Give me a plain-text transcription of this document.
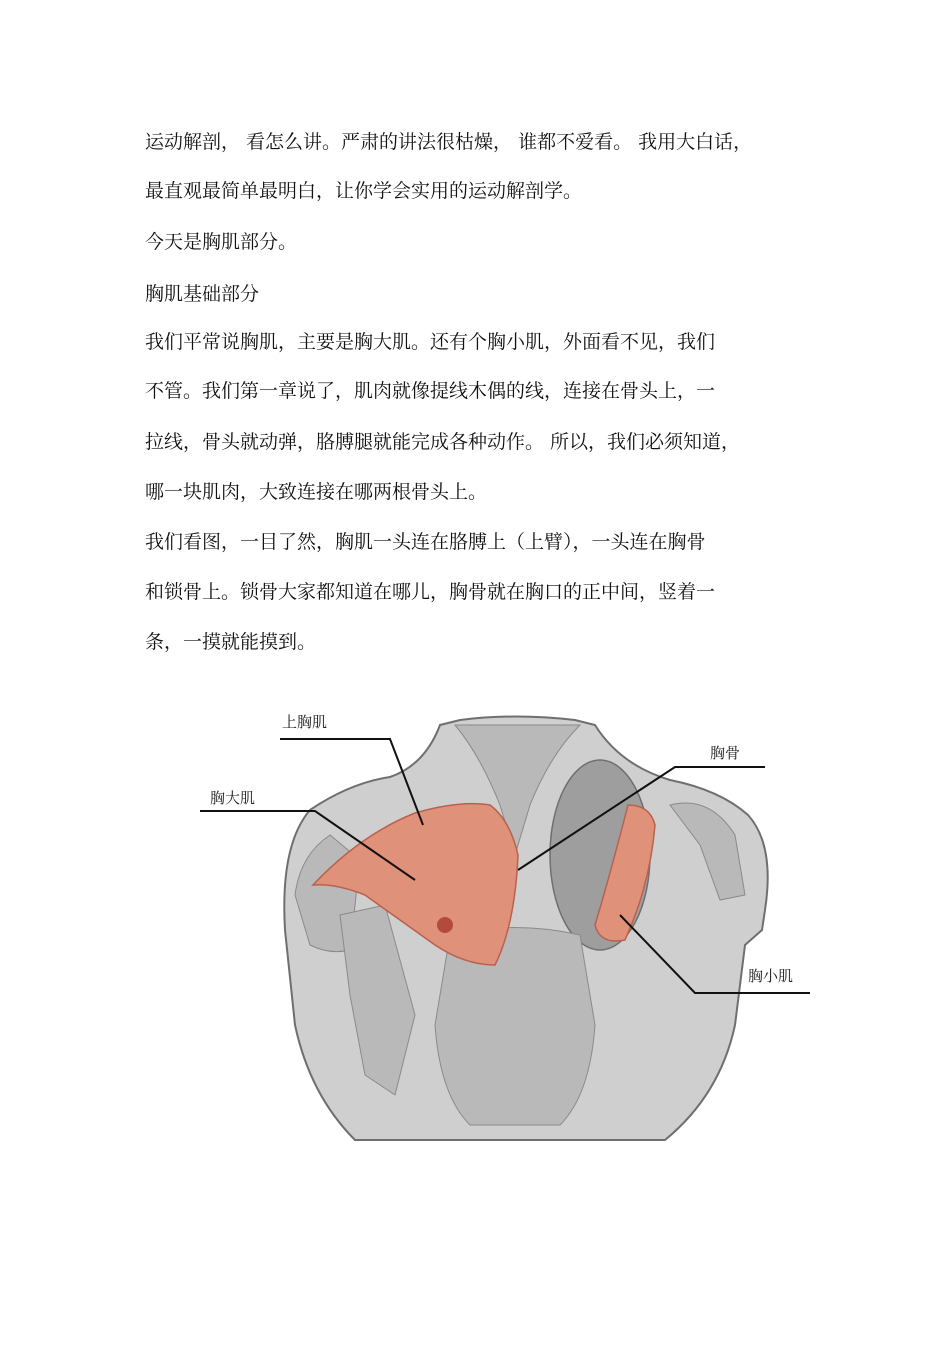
运动解剖， 看怎么讲。严肃的讲法很枯燥， 谁都不爱看。 我用大白话，

最直观最简单最明白，让你学会实用的运动解剖学。

今天是胸肌部分。

胸肌基础部分

我们平常说胸肌，主要是胸大肌。还有个胸小肌，外面看不见，我们

不管。我们第一章说了，肌肉就像提线木偶的线，连接在骨头上，一

拉线，骨头就动弹，胳膊腿就能完成各种动作。 所以，我们必须知道，

哪一块肌肉，大致连接在哪两根骨头上。

我们看图，一目了然，胸肌一头连在胳膊上（上臂），一头连在胸骨

和锁骨上。锁骨大家都知道在哪儿，胸骨就在胸口的正中间，竖着一

条，一摸就能摸到。

上胸肌
胸大肌
胸骨
胸小肌
